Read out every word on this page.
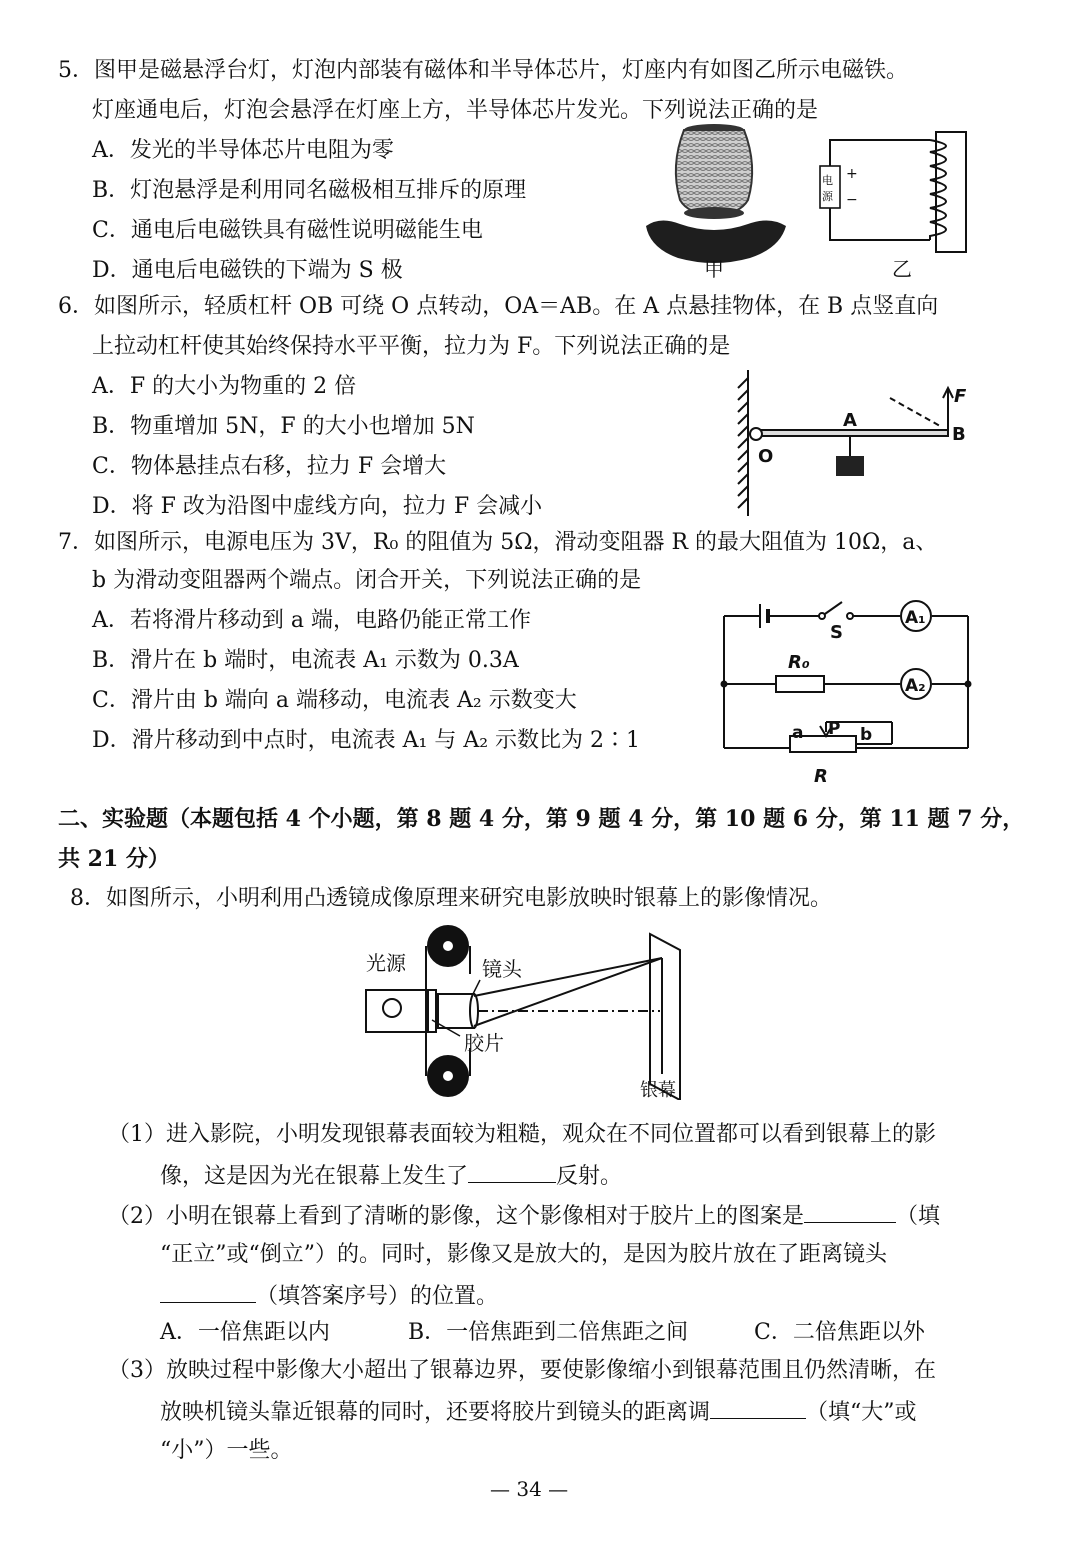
5．图甲是磁悬浮台灯，灯泡内部装有磁体和半导体芯片，灯座内有如图乙所示电磁铁。
灯座通电后，灯泡会悬浮在灯座上方，半导体芯片发光。下列说法正确的是
A．发光的半导体芯片电阻为零
B．灯泡悬浮是利用同名磁极相互排斥的原理
C．通电后电磁铁具有磁性说明磁能生电
D．通电后电磁铁的下端为 S 极	甲
电
源
+
−
乙
6．如图所示，轻质杠杆 OB 可绕 O 点转动，OA＝AB。在 A 点悬挂物体，在 B 点竖直向
上拉动杠杆使其始终保持水平平衡，拉力为 F。下列说法正确的是
A．F 的大小为物重的 2 倍
B．物重增加 5N，F 的大小也增加 5N
C．物体悬挂点右移，拉力 F 会增大
D．将 F 改为沿图中虚线方向，拉力 F 会减小
O
A
B
F
7．如图所示，电源电压为 3V，R₀ 的阻值为 5Ω，滑动变阻器 R 的最大阻值为 10Ω，a、
b 为滑动变阻器两个端点。闭合开关，下列说法正确的是
A．若将滑片移动到 a 端，电路仍能正常工作
B．滑片在 b 端时，电流表 A₁ 示数为 0.3A
C．滑片由 b 端向 a 端移动，电流表 A₂ 示数变大
D．滑片移动到中点时，电流表 A₁ 与 A₂ 示数比为 2∶1
S
A₁
A₂
R₀
a P b
R
二、实验题（本题包括 4 个小题，第 8 题 4 分，第 9 题 4 分，第 10 题 6 分，第 11 题 7 分，
共 21 分）
8．如图所示，小明利用凸透镜成像原理来研究电影放映时银幕上的影像情况。
光源	镜头
胶片
银幕
（1）进入影院，小明发现银幕表面较为粗糙，观众在不同位置都可以看到银幕上的影
像，这是因为光在银幕上发生了	反射。
（2）小明在银幕上看到了清晰的影像，这个影像相对于胶片上的图案是	（填
“正立”或“倒立”）的。同时，影像又是放大的，是因为胶片放在了距离镜头
（填答案序号）的位置。
A．一倍焦距以内	B．一倍焦距到二倍焦距之间	C．二倍焦距以外
（3）放映过程中影像大小超出了银幕边界，要使影像缩小到银幕范围且仍然清晰，在
放映机镜头靠近银幕的同时，还要将胶片到镜头的距离调	（填“大”或
“小”）一些。
— 34 —
